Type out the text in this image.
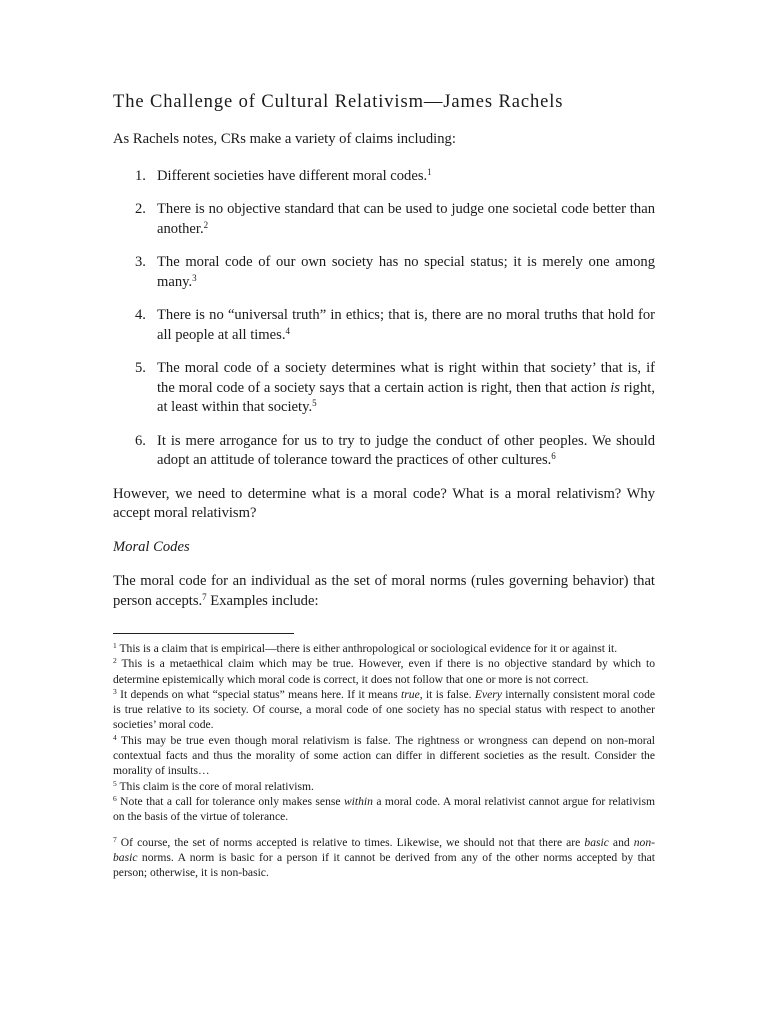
The Challenge of Cultural Relativism—James Rachels

As Rachels notes, CRs make a variety of claims including:

1. Different societies have different moral codes.$^1$
2. There is no objective standard that can be used to judge one societal code better than another.$^2$
3. The moral code of our own society has no special status; it is merely one among many.$^3$
4. There is no “universal truth” in ethics; that is, there are no moral truths that hold for all people at all times.$^4$
5. The moral code of a society determines what is right within that society’ that is, if the moral code of a society says that a certain action is right, then that action is right, at least within that society.$^5$
6. It is mere arrogance for us to try to judge the conduct of other peoples. We should adopt an attitude of tolerance toward the practices of other cultures.$^6$

However, we need to determine what is a moral code? What is a moral relativism? Why accept moral relativism?

Moral Codes

The moral code for an individual as the set of moral norms (rules governing behavior) that person accepts.$^7$ Examples include:

$^1$ This is a claim that is empirical—there is either anthropological or sociological evidence for it or against it.

$^2$ This is a metaethical claim which may be true. However, even if there is no objective standard by which to determine epistemically which moral code is correct, it does not follow that one or more is not correct.

$^3$ It depends on what “special status” means here. If it means true, it is false. Every internally consistent moral code is true relative to its society. Of course, a moral code of one society has no special status with respect to another societies’ moral code.

$^4$ This may be true even though moral relativism is false. The rightness or wrongness can depend on non-moral contextual facts and thus the morality of some action can differ in different societies as the result. Consider the morality of insults…

$^5$ This claim is the core of moral relativism.

$^6$ Note that a call for tolerance only makes sense within a moral code. A moral relativist cannot argue for relativism on the basis of the virtue of tolerance.

$^7$ Of course, the set of norms accepted is relative to times. Likewise, we should not that there are basic and non-basic norms. A norm is basic for a person if it cannot be derived from any of the other norms accepted by that person; otherwise, it is non-basic.
